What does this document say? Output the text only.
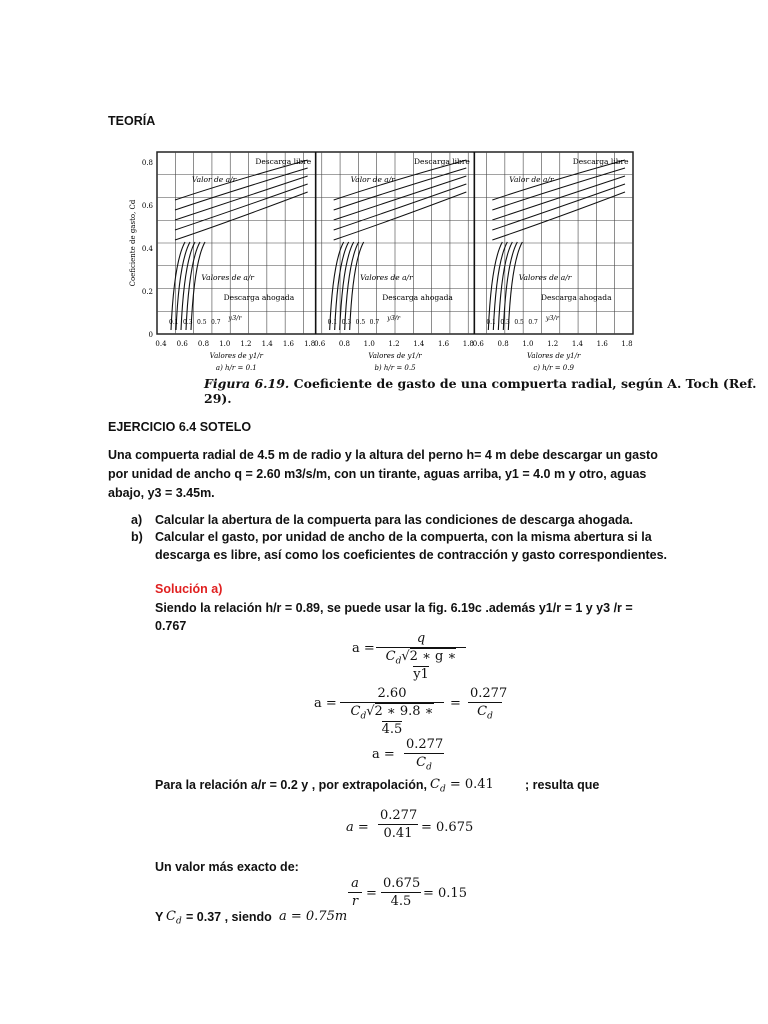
TEORÍA
0.8
0.6
0.4
0.2
0
Coeficiente de gasto, Cd
0.4 0.6 0.8 1.0 1.2 1.4 1.6 1.8
Valores de y1/r
a) h/r = 0.1
Descarga libre
Valor de a/r
Valores de a/r
Descarga ahogada
0.1 0.3 0.5 0.7
y3/r
0.6 0.8 1.0 1.2 1.4 1.6 1.8
Valores de y1/r
b) h/r = 0.5
Descarga libre
Valor de a/r
Valores de a/r
Descarga ahogada
0.1 0.3 0.5 0.7
y3/r
0.6 0.8 1.0 1.2 1.4 1.6 1.8
Valores de y1/r
c) h/r = 0.9
Descarga libre
Valor de a/r
Valores de a/r
Descarga ahogada
0.1 0.3 0.5 0.7
y3/r
Figura 6.19. Coeficiente de gasto de una compuerta radial, según A. Toch (Ref. 29).
EJERCICIO 6.4 SOTELO
Una compuerta radial de 4.5 m de radio y la altura del perno h= 4 m debe descargar un gasto
por unidad de ancho q = 2.60 m3/s/m, con un tirante, aguas arriba, y1 = 4.0 m y otro, aguas
abajo, y3 = 3.45m.
a) Calcular la abertura de la compuerta para las condiciones de descarga ahogada.
b) Calcular el gasto, por unidad de ancho de la compuerta, con la misma abertura si la
descarga es libre, así como los coeficientes de contracción y gasto correspondientes.
Solución a)
Siendo la relación h/r = 0.89, se puede usar la fig. 6.19c .además y1/r = 1 y y3 /r =
0.767
a =
q
$C_d√2$ ∗ g ∗ y1
a =
2.60
$C_d√2$ ∗ 9.8 ∗ 4.5
=
0.277
$C_d$
a =
0.277
$C_d$
Para la relación a/r = 0.2 y , por extrapolación, $C_d = 0.41$ ; resulta que
a =
0.277
0.41 = 0.675
Un valor más exacto de:
a
r
=
0.675
4.5
= 0.15
Y $C_d = 0.37$ , siendo a = 0.75m
